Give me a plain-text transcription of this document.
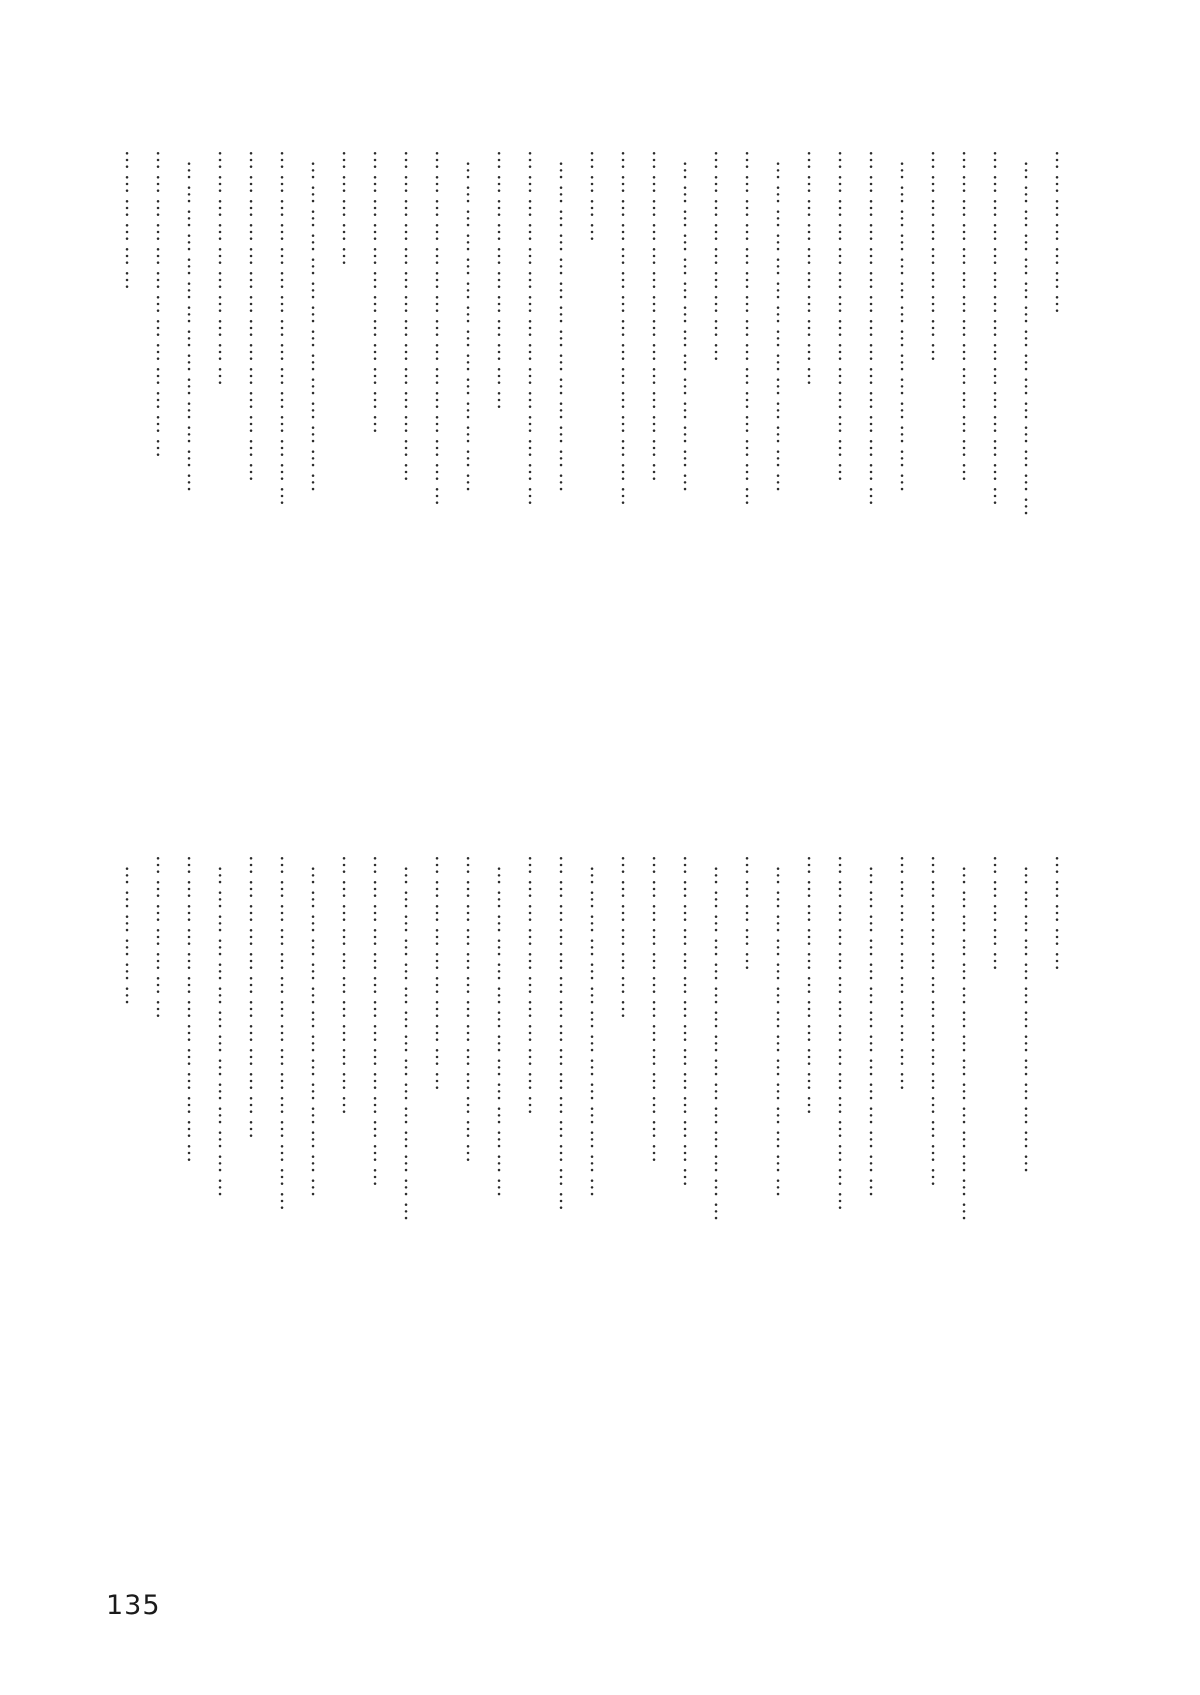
…………………
………………………………………
………………………………………
……………………………………
………………………
……………………………………
………………………………………
……………………………………
…………………………
……………………………………
………………………………………
………………………
……………………………………
……………………………………
………………………………………
…………
……………………………………
………………………………………
……………………………
……………………………………
………………………………………
……………………………………
………………………………
……………
……………………………………
………………………………………
……………………………………
…………………………
……………………………………
…………………………………
………………
……………
…………………………………
……………
………………………………………
……………………………………
…………………………
……………………………………
………………………………………
……………………………
……………………………………
……………
………………………………………
……………………………………
…………………………………
…………………
……………………………………
………………………………………
……………………………
……………………………………
…………………………………
…………………………
………………………………………
……………………………………
……………………………
……………………………………
………………………………………
………………………………
……………………………………
…………………………………
…………………
………………
135
